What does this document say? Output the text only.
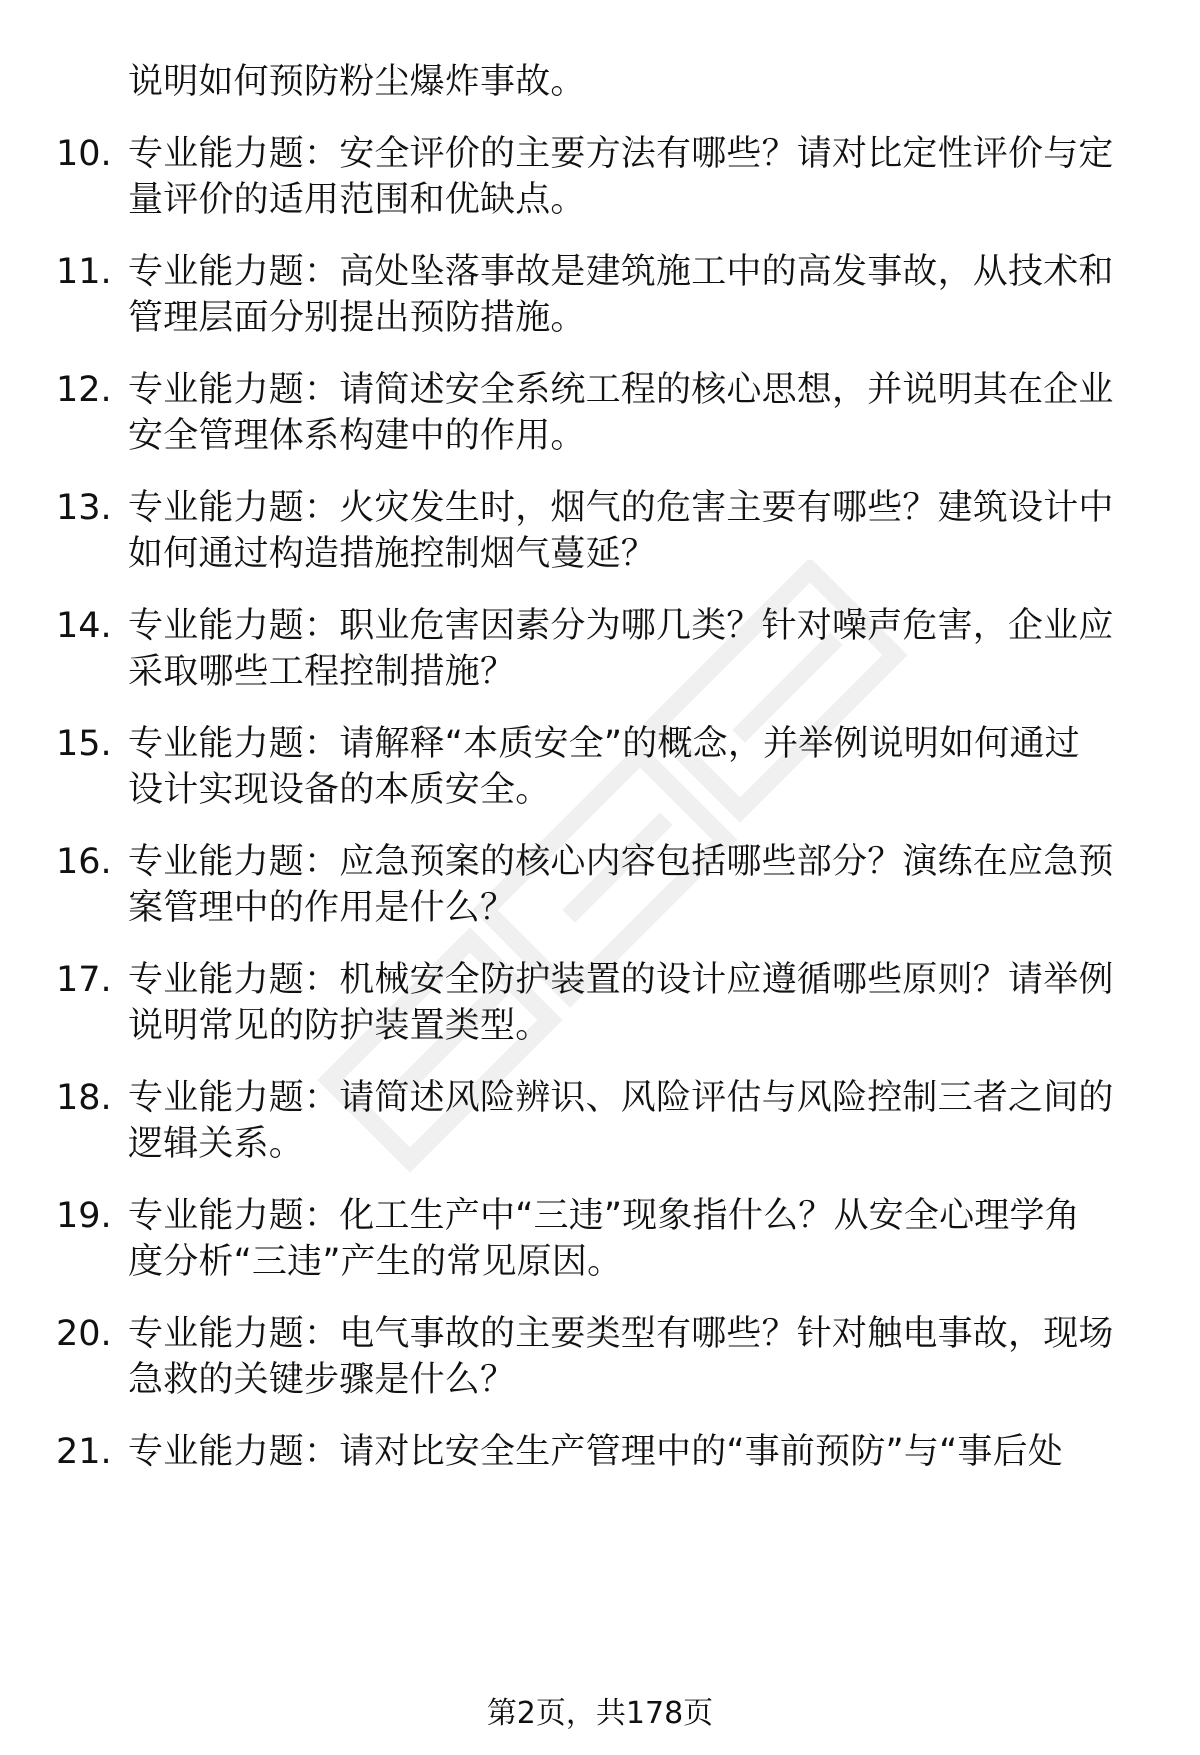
说明如何预防粉尘爆炸事故。
10. 专业能力题：安全评价的主要方法有哪些？请对比定性评价与定
量评价的适用范围和优缺点。
11. 专业能力题：高处坠落事故是建筑施工中的高发事故，从技术和
管理层面分别提出预防措施。
12. 专业能力题：请简述安全系统工程的核心思想，并说明其在企业
安全管理体系构建中的作用。
13. 专业能力题：火灾发生时，烟气的危害主要有哪些？建筑设计中
如何通过构造措施控制烟气蔓延？
14. 专业能力题：职业危害因素分为哪几类？针对噪声危害，企业应
采取哪些工程控制措施？
15. 专业能力题：请解释“本质安全”的概念，并举例说明如何通过
设计实现设备的本质安全。
16. 专业能力题：应急预案的核心内容包括哪些部分？演练在应急预
案管理中的作用是什么？
17. 专业能力题：机械安全防护装置的设计应遵循哪些原则？请举例
说明常见的防护装置类型。
18. 专业能力题：请简述风险辨识、风险评估与风险控制三者之间的
逻辑关系。
19. 专业能力题：化工生产中“三违”现象指什么？从安全心理学角
度分析“三违”产生的常见原因。
20. 专业能力题：电气事故的主要类型有哪些？针对触电事故，现场
急救的关键步骤是什么？
21. 专业能力题：请对比安全生产管理中的“事前预防”与“事后处
第2页，共178页
